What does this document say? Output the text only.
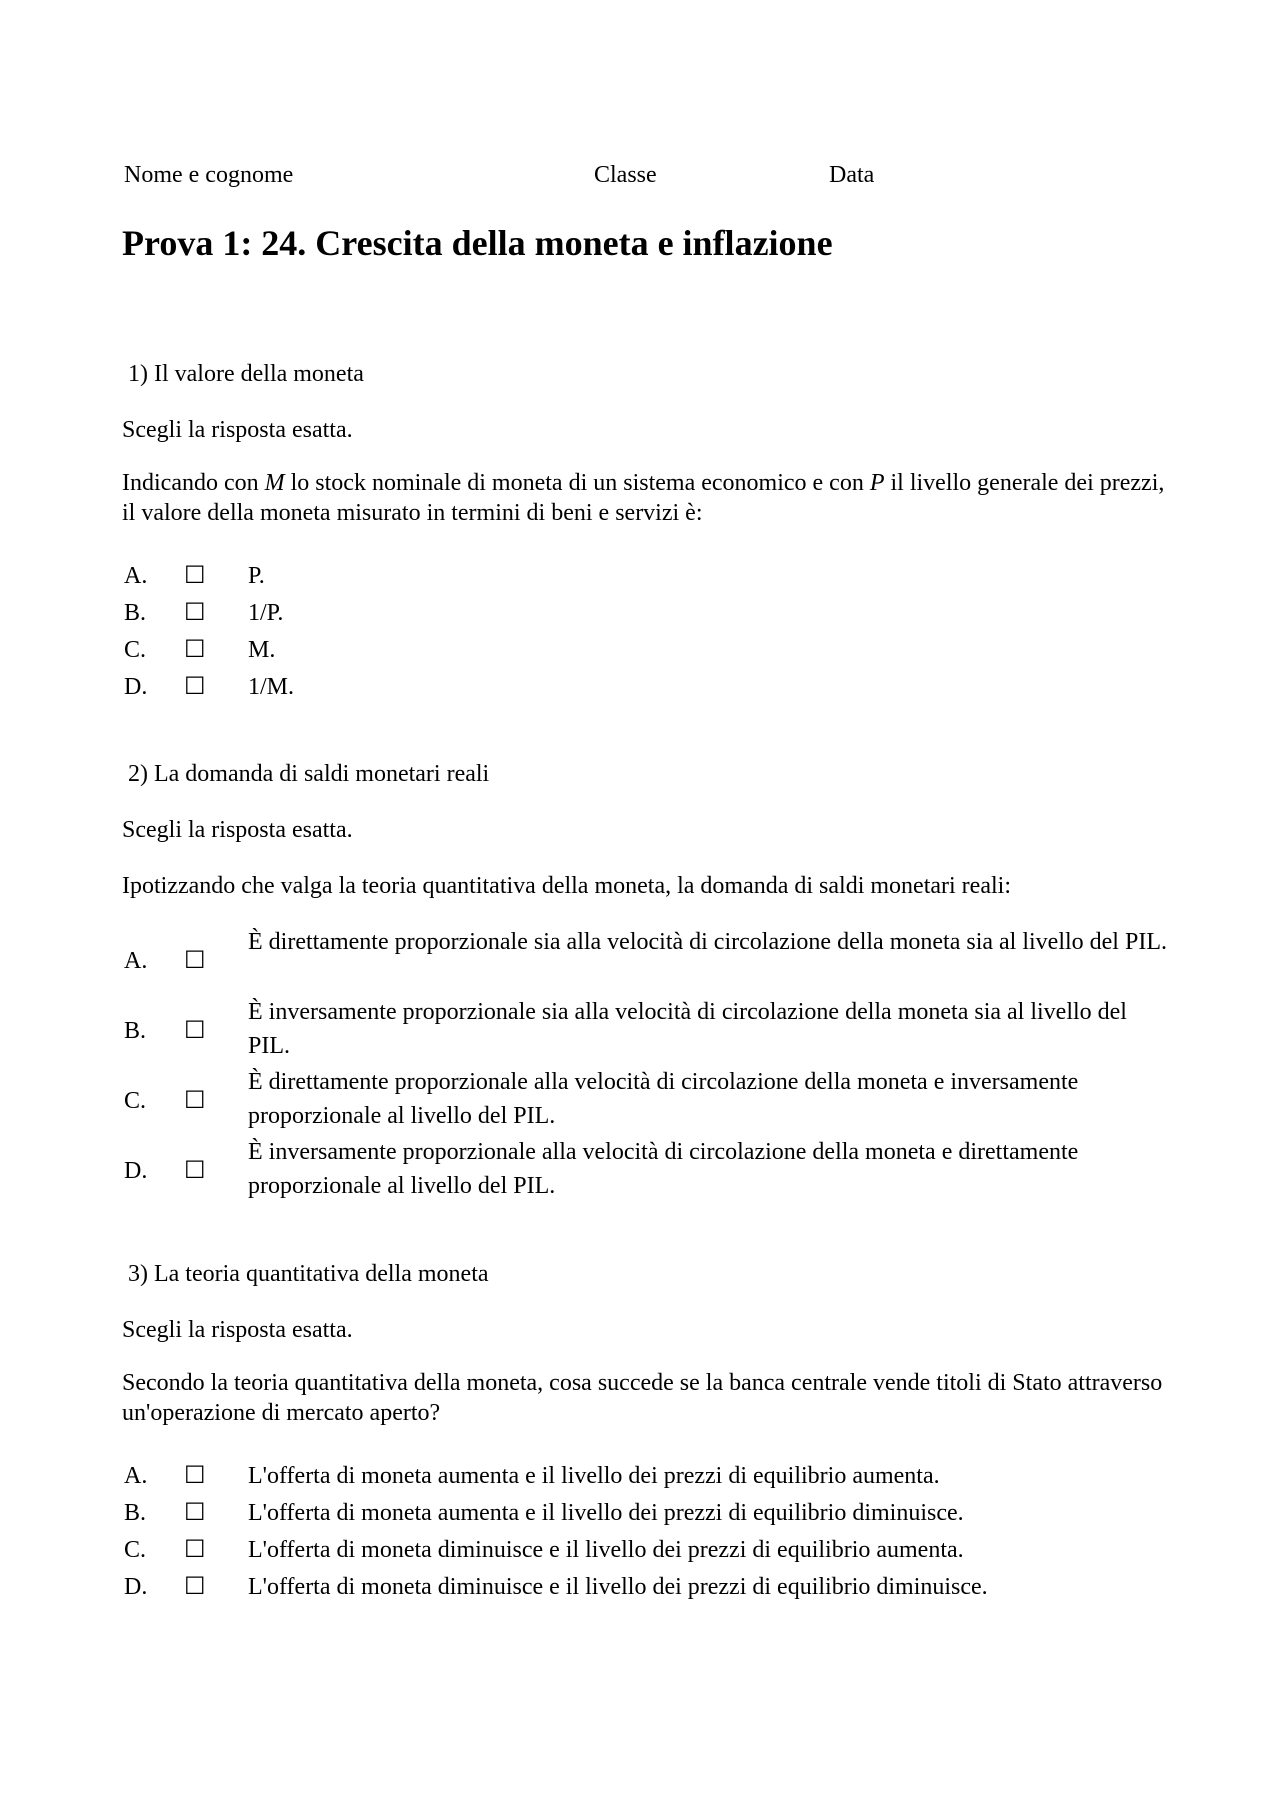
Nome e cognome	Classe	Data
Prova 1: 24. Crescita della moneta e inflazione
1) Il valore della moneta
Scegli la risposta esatta.
Indicando con M lo stock nominale di moneta di un sistema economico e con P il livello generale dei prezzi, il valore della moneta misurato in termini di beni e servizi è:
A. ☐ P.
B. ☐ 1/P.
C. ☐ M.
D. ☐ 1/M.
2) La domanda di saldi monetari reali
Scegli la risposta esatta.
Ipotizzando che valga la teoria quantitativa della moneta, la domanda di saldi monetari reali:
A. ☐
È direttamente proporzionale sia alla velocità di circolazione della moneta sia al livello del PIL.
B. ☐
È inversamente proporzionale sia alla velocità di circolazione della moneta sia al livello del PIL.
C. ☐
È direttamente proporzionale alla velocità di circolazione della moneta e inversamente proporzionale al livello del PIL.
D. ☐
È inversamente proporzionale alla velocità di circolazione della moneta e direttamente proporzionale al livello del PIL.
3) La teoria quantitativa della moneta
Scegli la risposta esatta.
Secondo la teoria quantitativa della moneta, cosa succede se la banca centrale vende titoli di Stato attraverso un'operazione di mercato aperto?
A. ☐ L'offerta di moneta aumenta e il livello dei prezzi di equilibrio aumenta.
B. ☐ L'offerta di moneta aumenta e il livello dei prezzi di equilibrio diminuisce.
C. ☐ L'offerta di moneta diminuisce e il livello dei prezzi di equilibrio aumenta.
D. ☐ L'offerta di moneta diminuisce e il livello dei prezzi di equilibrio diminuisce.
